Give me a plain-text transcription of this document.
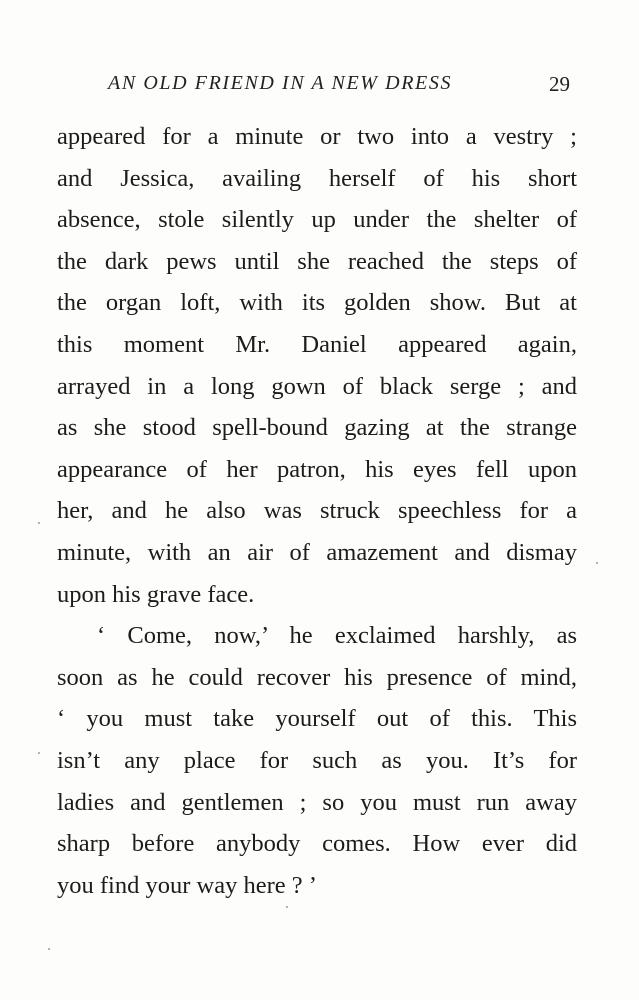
AN OLD FRIEND IN A NEW DRESS	29
appeared for a minute or two into a vestry ;
and Jessica, availing herself of his short
absence, stole silently up under the shelter of
the dark pews until she reached the steps of
the organ loft, with its golden show. But at
this moment Mr. Daniel appeared again,
arrayed in a long gown of black serge ; and
as she stood spell-bound gazing at the strange
appearance of her patron, his eyes fell upon
her, and he also was struck speechless for a
minute, with an air of amazement and dismay
upon his grave face.
‘ Come, now,’ he exclaimed harshly, as
soon as he could recover his presence of mind,
‘ you must take yourself out of this. This
isn’t any place for such as you. It’s for
ladies and gentlemen ; so you must run away
sharp before anybody comes. How ever did
you find your way here ? ’
